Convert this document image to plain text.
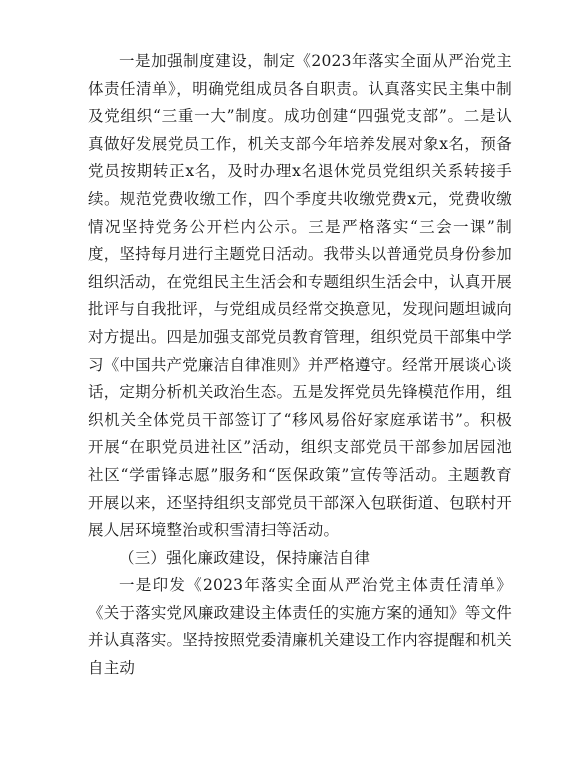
一是加强制度建设，制定《2023年落实全面从严治党主体责任清单》，明确党组成员各自职责。认真落实民主集中制及党组织“三重一大”制度。成功创建“四强党支部”。二是认真做好发展党员工作，机关支部今年培养发展对象x名，预备党员按期转正x名，及时办理x名退休党员党组织关系转接手续。规范党费收缴工作，四个季度共收缴党费x元，党费收缴情况坚持党务公开栏内公示。三是严格落实“三会一课”制度，坚持每月进行主题党日活动。我带头以普通党员身份参加组织活动，在党组民主生活会和专题组织生活会中，认真开展批评与自我批评，与党组成员经常交换意见，发现问题坦诚向对方提出。四是加强支部党员教育管理，组织党员干部集中学习《中国共产党廉洁自律准则》并严格遵守。经常开展谈心谈话，定期分析机关政治生态。五是发挥党员先锋模范作用，组织机关全体党员干部签订了“移风易俗好家庭承诺书”。积极开展“在职党员进社区”活动，组织支部党员干部参加居园池社区“学雷锋志愿”服务和“医保政策”宣传等活动。主题教育开展以来，还坚持组织支部党员干部深入包联街道、包联村开展人居环境整治或积雪清扫等活动。

（三）强化廉政建设，保持廉洁自律

一是印发《2023年落实全面从严治党主体责任清单》《关于落实党风廉政建设主体责任的实施方案的通知》等文件并认真落实。坚持按照党委清廉机关建设工作内容提醒和机关自主动
